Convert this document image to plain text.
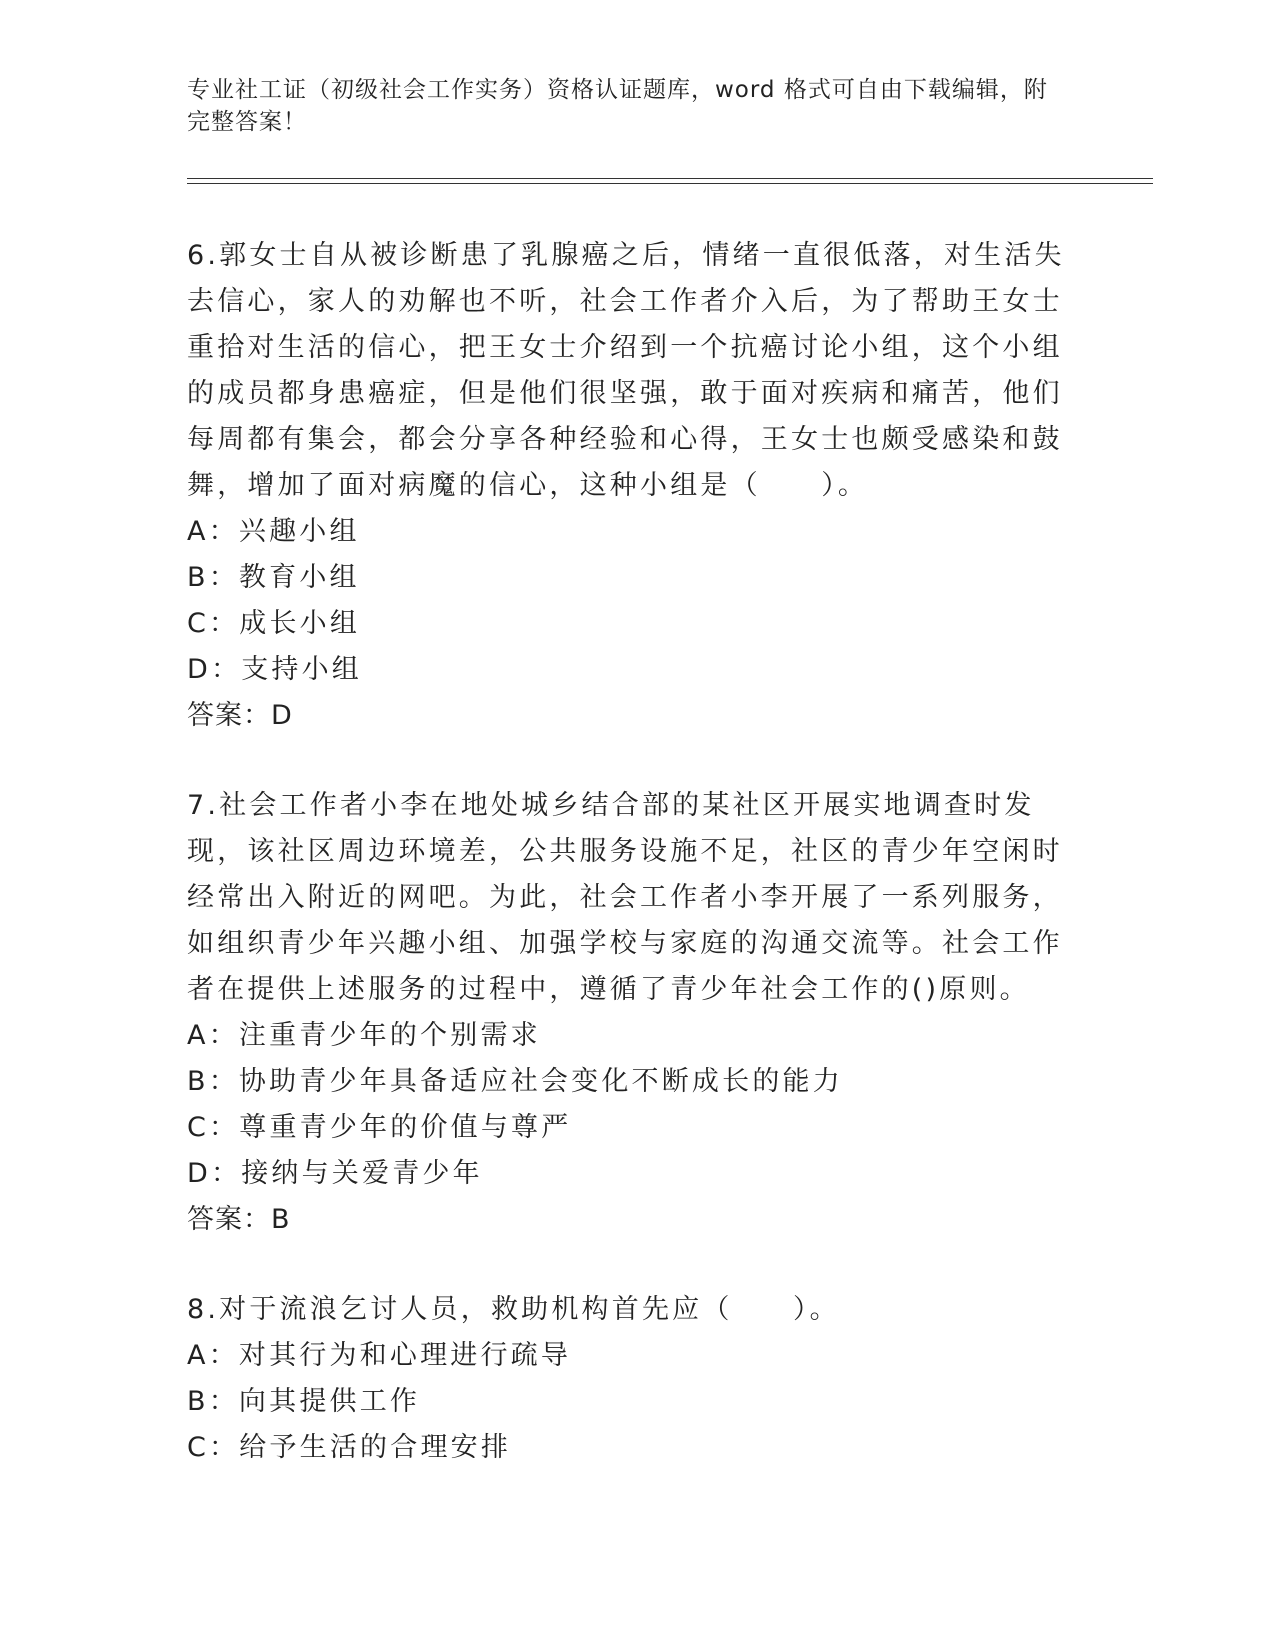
专业社工证（初级社会工作实务）资格认证题库，word 格式可自由下载编辑，附完整答案！

6.郭女士自从被诊断患了乳腺癌之后，情绪一直很低落，对生活失去信心，家人的劝解也不听，社会工作者介入后，为了帮助王女士重拾对生活的信心，把王女士介绍到一个抗癌讨论小组，这个小组的成员都身患癌症，但是他们很坚强，敢于面对疾病和痛苦，他们每周都有集会，都会分享各种经验和心得，王女士也颇受感染和鼓舞，增加了面对病魔的信心，这种小组是（　　）。

A：兴趣小组

B：教育小组

C：成长小组

D：支持小组

答案：D

7.社会工作者小李在地处城乡结合部的某社区开展实地调查时发现，该社区周边环境差，公共服务设施不足，社区的青少年空闲时经常出入附近的网吧。为此，社会工作者小李开展了一系列服务，如组织青少年兴趣小组、加强学校与家庭的沟通交流等。社会工作者在提供上述服务的过程中，遵循了青少年社会工作的()原则。

A：注重青少年的个别需求

B：协助青少年具备适应社会变化不断成长的能力

C：尊重青少年的价值与尊严

D：接纳与关爱青少年

答案：B

8.对于流浪乞讨人员，救助机构首先应（　　）。

A：对其行为和心理进行疏导

B：向其提供工作

C：给予生活的合理安排
